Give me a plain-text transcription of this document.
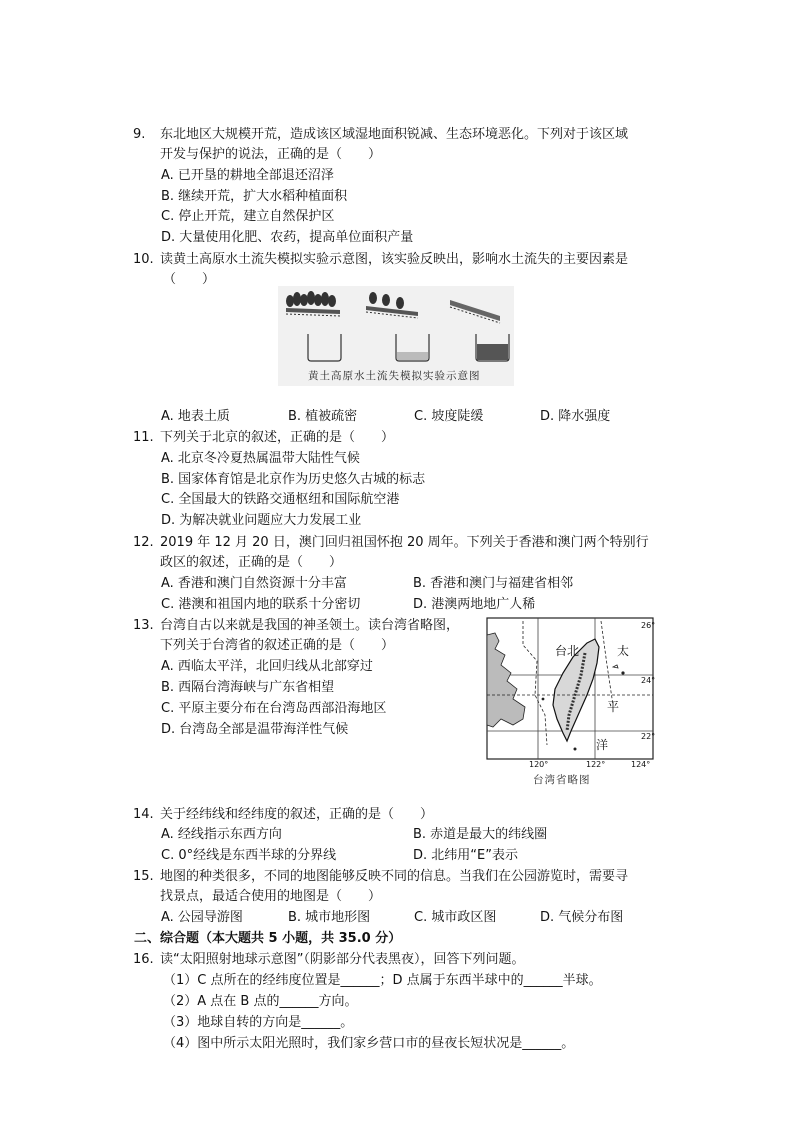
9. 东北地区大规模开荒，造成该区域湿地面积锐减、生态环境恶化。下列对于该区域
开发与保护的说法，正确的是（　　）
A. 已开垦的耕地全部退还沼泽
B. 继续开荒，扩大水稻种植面积
C. 停止开荒，建立自然保护区
D. 大量使用化肥、农药，提高单位面积产量
10. 读黄土高原水土流失模拟实验示意图，该实验反映出，影响水土流失的主要因素是
（　　）
黄土高原水土流失模拟实验示意图
A. 地表土质	B. 植被疏密	C. 坡度陡缓	D. 降水强度
11. 下列关于北京的叙述，正确的是（　　）
A. 北京冬冷夏热属温带大陆性气候
B. 国家体育馆是北京作为历史悠久古城的标志
C. 全国最大的铁路交通枢纽和国际航空港
D. 为解决就业问题应大力发展工业
12. 2019 年 12 月 20 日，澳门回归祖国怀抱 20 周年。下列关于香港和澳门两个特别行
政区的叙述，正确的是（　　）
A. 香港和澳门自然资源十分丰富	B. 香港和澳门与福建省相邻
C. 港澳和祖国内地的联系十分密切	D. 港澳两地地广人稀
13. 台湾自古以来就是我国的神圣领土。读台湾省略图，
下列关于台湾省的叙述正确的是（　　）
A. 西临太平洋，北回归线从北部穿过
B. 西隔台湾海峡与广东省相望
C. 平原主要分布在台湾岛西部沿海地区
D. 台湾岛全部是温带海洋性气候
台北	太
平
洋
26°
24°
22°
120°	122°	124°
台湾省略图
14. 关于经纬线和经纬度的叙述，正确的是（　　）
A. 经线指示东西方向	B. 赤道是最大的纬线圈
C. 0°经线是东西半球的分界线	D. 北纬用“E”表示
15. 地图的种类很多，不同的地图能够反映不同的信息。当我们在公园游览时，需要寻
找景点，最适合使用的地图是（　　）
A. 公园导游图	B. 城市地形图	C. 城市政区图	D. 气候分布图
二、综合题（本大题共 5 小题，共 35.0 分）
16. 读“太阳照射地球示意图”（阴影部分代表黑夜），回答下列问题。
（1）C 点所在的经纬度位置是______；D 点属于东西半球中的______半球。
（2）A 点在 B 点的______方向。
（3）地球自转的方向是______。
（4）图中所示太阳光照时，我们家乡营口市的昼夜长短状况是______。
